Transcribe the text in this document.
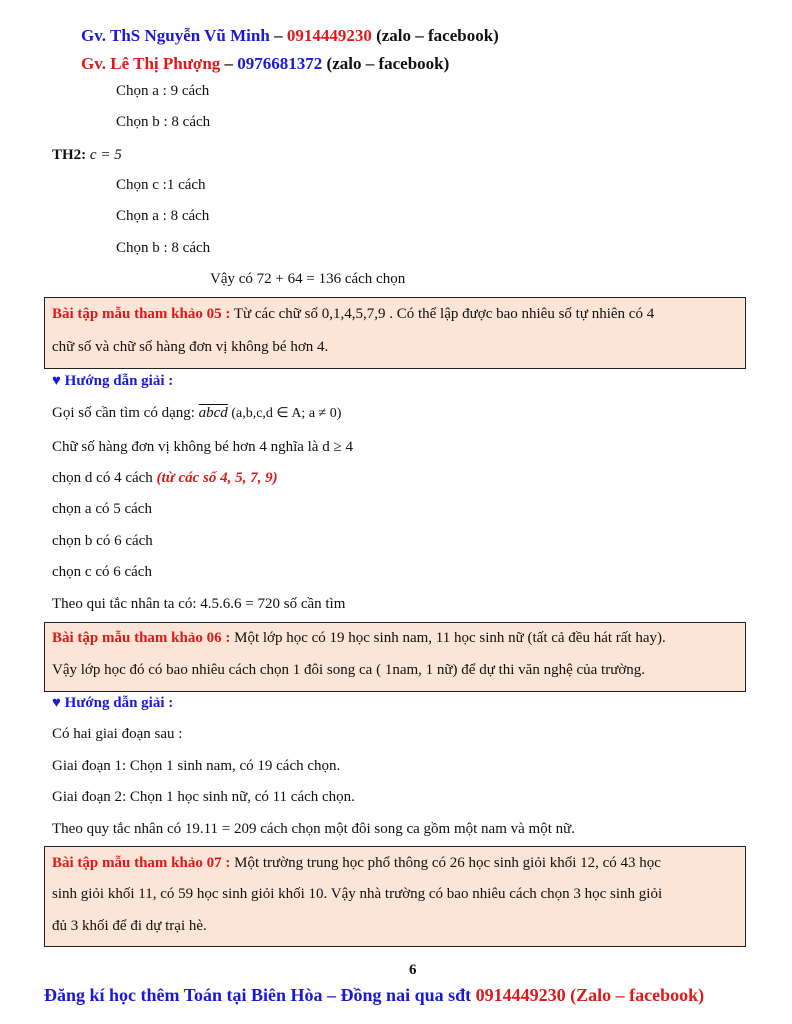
Gv. ThS Nguyễn Vũ Minh – 0914449230 (zalo – facebook)
Gv. Lê Thị Phượng – 0976681372 (zalo – facebook)
Chọn a : 9 cách
Chọn b : 8 cách
TH2: c = 5
Chọn c :1 cách
Chọn a : 8 cách
Chọn b : 8 cách
Vậy có 72 + 64 = 136 cách chọn
Bài tập mẫu tham khảo 05 : Từ các chữ số 0,1,4,5,7,9 . Có thể lập được bao nhiêu số tự nhiên có 4
chữ số và chữ số hàng đơn vị không bé hơn 4.
♥ Hướng dẫn giải :
Gọi số cần tìm có dạng: abcd (a,b,c,d ∈ A; a ≠ 0)
Chữ số hàng đơn vị không bé hơn 4 nghĩa là d ≥ 4
chọn d có 4 cách (từ các số 4, 5, 7, 9)
chọn a có 5 cách
chọn b có 6 cách
chọn c có 6 cách
Theo qui tắc nhân ta có: 4.5.6.6 = 720 số cần tìm
Bài tập mẫu tham khảo 06 : Một lớp học có 19 học sinh nam, 11 học sinh nữ (tất cả đều hát rất hay).
Vậy lớp học đó có bao nhiêu cách chọn 1 đôi song ca ( 1nam, 1 nữ) để dự thi văn nghệ của trường.
♥ Hướng dẫn giải :
Có hai giai đoạn sau :
Giai đoạn 1: Chọn 1 sinh nam, có 19 cách chọn.
Giai đoạn 2: Chọn 1 học sinh nữ, có 11 cách chọn.
Theo quy tắc nhân có 19.11 = 209 cách chọn một đôi song ca gồm một nam và một nữ.
Bài tập mẫu tham khảo 07 : Một trường trung học phổ thông có 26 học sinh giỏi khối 12, có 43 học
sinh giỏi khối 11, có 59 học sinh giỏi khối 10. Vậy nhà trường có bao nhiêu cách chọn 3 học sinh giỏi
đủ 3 khối để đi dự trại hè.
6
Đăng kí học thêm Toán tại Biên Hòa – Đồng nai qua sđt 0914449230 (Zalo – facebook)
